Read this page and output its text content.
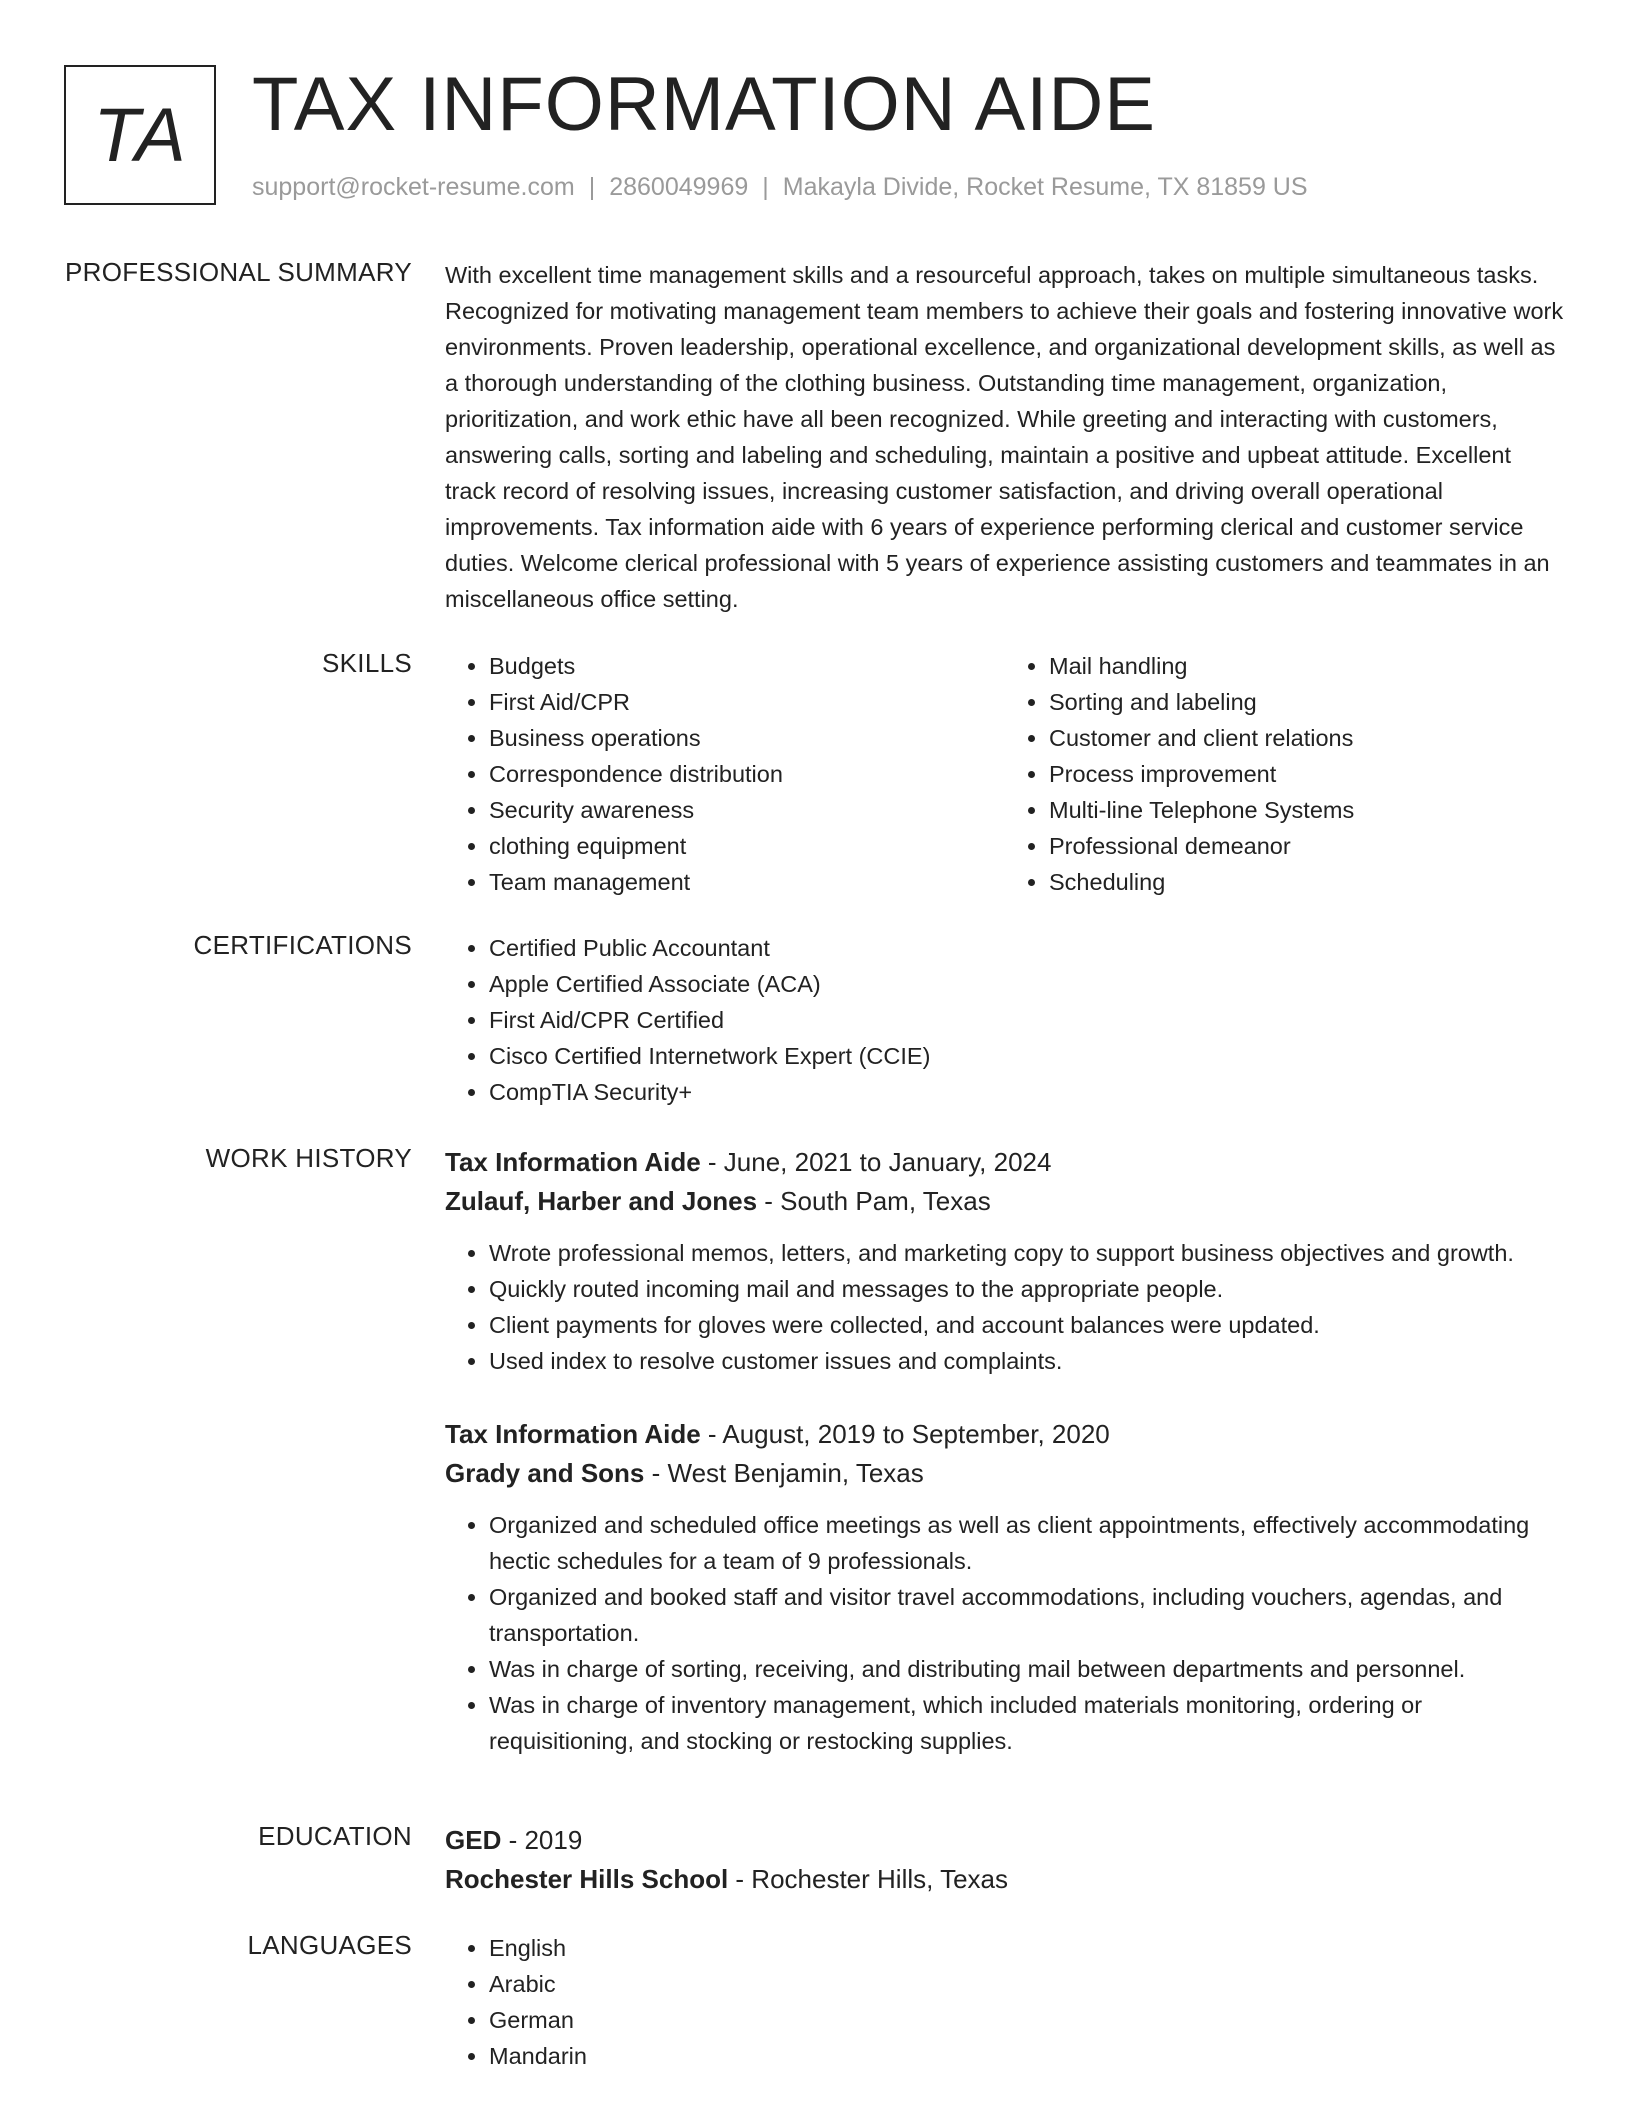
TA TAX INFORMATION AIDE
support@rocket-resume.com | 2860049969 | Makayla Divide, Rocket Resume, TX 81859 US
PROFESSIONAL SUMMARY With excellent time management skills and a resourceful approach, takes on multiple simultaneous tasks. Recognized for motivating management team members to achieve their goals and fostering innovative work environments. Proven leadership, operational excellence, and organizational development skills, as well as a thorough understanding of the clothing business. Outstanding time management, organization, prioritization, and work ethic have all been recognized. While greeting and interacting with customers, answering calls, sorting and labeling and scheduling, maintain a positive and upbeat attitude. Excellent track record of resolving issues, increasing customer satisfaction, and driving overall operational improvements. Tax information aide with 6 years of experience performing clerical and customer service duties. Welcome clerical professional with 5 years of experience assisting customers and teammates in an miscellaneous office setting.

SKILLS	• Budgets
• First Aid/CPR
• Business operations
• Correspondence distribution
• Security awareness
• clothing equipment
• Team management
• Mail handling
• Sorting and labeling
• Customer and client relations
• Process improvement
• Multi-line Telephone Systems
• Professional demeanor
• Scheduling
CERTIFICATIONS	• Certified Public Accountant
• Apple Certified Associate (ACA)
• First Aid/CPR Certified
• Cisco Certified Internetwork Expert (CCIE)
• CompTIA Security+
WORK HISTORY Tax Information Aide - June, 2021 to January, 2024
Zulauf, Harber and Jones - South Pam, Texas
• Wrote professional memos, letters, and marketing copy to support business objectives and growth.
• Quickly routed incoming mail and messages to the appropriate people.
• Client payments for gloves were collected, and account balances were updated.
• Used index to resolve customer issues and complaints.
Tax Information Aide - August, 2019 to September, 2020
Grady and Sons - West Benjamin, Texas
• Organized and scheduled office meetings as well as client appointments, effectively accommodating hectic schedules for a team of 9 professionals.
• Organized and booked staff and visitor travel accommodations, including vouchers, agendas, and transportation.
• Was in charge of sorting, receiving, and distributing mail between departments and personnel.
• Was in charge of inventory management, which included materials monitoring, ordering or requisitioning, and stocking or restocking supplies.
EDUCATION GED - 2019
Rochester Hills School - Rochester Hills, Texas
LANGUAGES	• English
• Arabic
• German
• Mandarin
